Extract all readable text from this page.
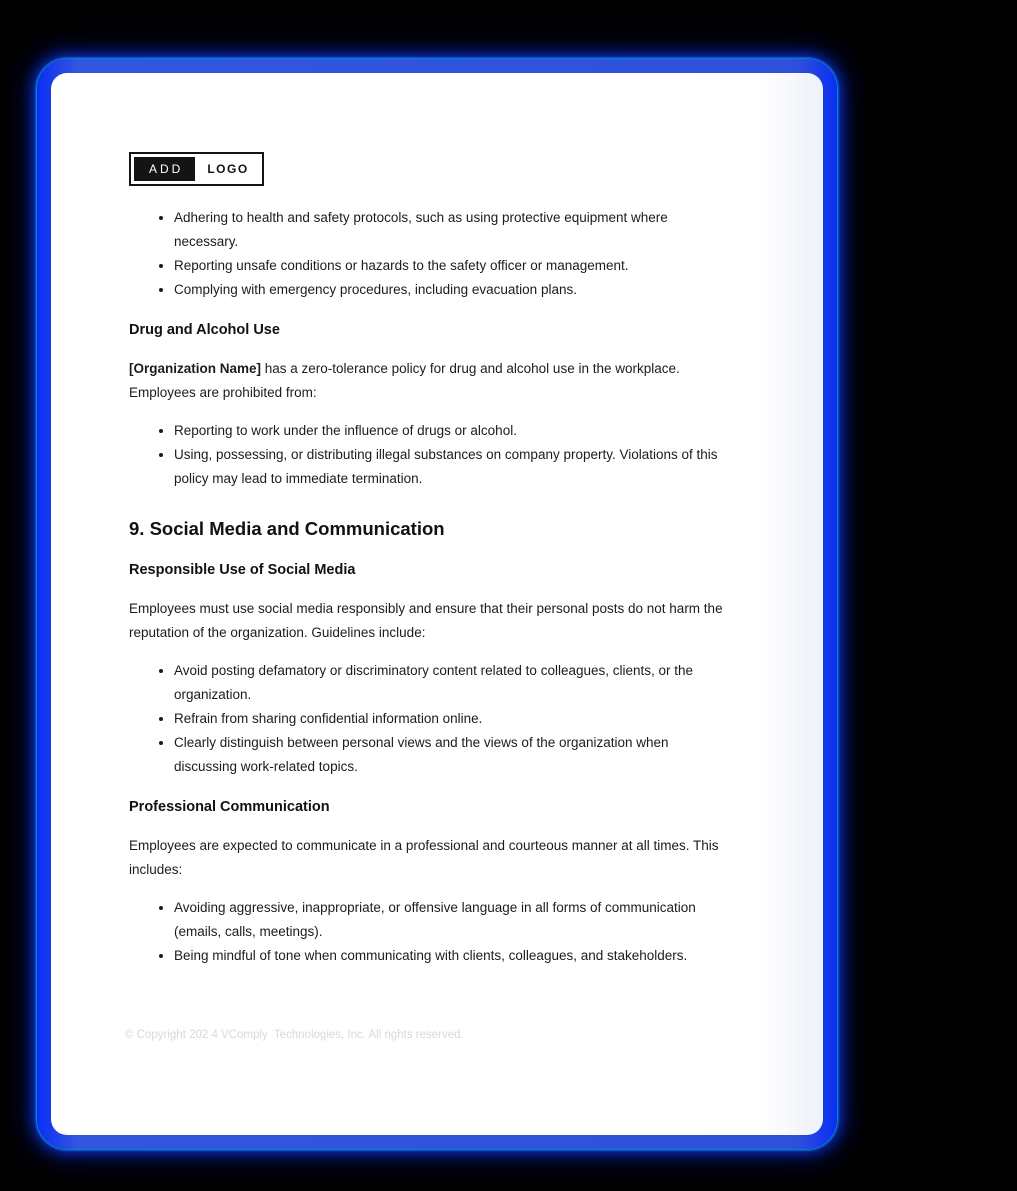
ADD	LOGO
• Adhering to health and safety protocols, such as using protective equipment where necessary.
• Reporting unsafe conditions or hazards to the safety officer or management.
• Complying with emergency procedures, including evacuation plans.
Drug and Alcohol Use

[Organization Name] has a zero-tolerance policy for drug and alcohol use in the workplace. Employees are prohibited from:

• Reporting to work under the influence of drugs or alcohol.
• Using, possessing, or distributing illegal substances on company property. Violations of this policy may lead to immediate termination.
9. Social Media and Communication
Responsible Use of Social Media

Employees must use social media responsibly and ensure that their personal posts do not harm the reputation of the organization. Guidelines include:

• Avoid posting defamatory or discriminatory content related to colleagues, clients, or the organization.
• Refrain from sharing confidential information online.
• Clearly distinguish between personal views and the views of the organization when discussing work-related topics.
Professional Communication

Employees are expected to communicate in a professional and courteous manner at all times. This includes:

• Avoiding aggressive, inappropriate, or offensive language in all forms of communication (emails, calls, meetings).
• Being mindful of tone when communicating with clients, colleagues, and stakeholders.
© Copyright 202 4 VComply  Technologies, Inc. All rights reserved.
